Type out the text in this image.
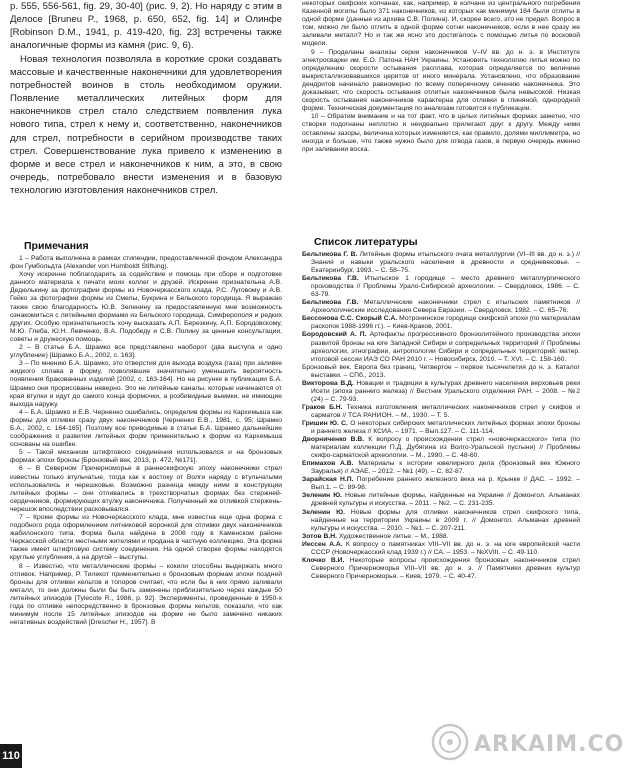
р. 555, 556-561, fig. 29, 30-40] (рис. 9, 2). Но наряду с этим в Делосе [Bruneu P., 1968, р. 650, 652, fig. 14] и Олинфе [Robinson D.M., 1941, р. 419-420, fig. 23] встречены также аналогичные формы из камня (рис. 9, 6).

Новая технология позволяла в короткие сроки создавать массовые и качественные наконечники для удовлетворения потребностей воинов в столь необходимом оружии. Появление металлических литейных форм для наконечников стрел стало следствием появления лука нового типа, стрел к нему и, соответственно, наконечников для стрел, потребности в серийном производстве таких стрел. Совершенствование лука привело к изменению в форме и весе стрел и наконечников к ним, а это, в свою очередь, потребовало внести изменения и в базовую технологию изготовления наконечников стрел.

Примечания

1 – Работа выполнена в рамках стипендии, предоставленной фондом Александра фон Гумбольдта (Alexander von Humboldt Stiftung).

Хочу искренне поблагодарить за содействие и помощь при сборе и подготовке данного материала к печати моих коллег и друзей. Искренне признательна А.В. Дедюлькину за фотографии формы из Новочеркасского клада, Р.С. Луговому и А.В. Гейко за фотографии формы из Смелы, Букрина и Бельского городища. Я выражаю также свою благодарность Ю.В. Зеленину за предоставленную мне возможность ознакомиться с литейными формами из Бельского городища, Симферополя и редких других. Особую признательность хочу высказать А.П. Березкину, А.П. Бородовскому, М.Ю. Глеба, Ю.Н. Левченко, В.А. Подобеду и С.В. Полину за ценные консультации, советы и дружескую помощь.

2 – В статье Б.А. Шрамко все представлено наоборот (два выступа и одно углубление) [Шрамко Б.А., 2002, с. 163].

3 – По мнению Б.А. Шрамко, это отверстия для выхода воздуха (газа) при заливке жидкого сплава в форму, позволявшие значительно уменьшить вероятность появления бракованных изделий [2002, с. 163-164]. Но на рисунке в публикации Б.А. Шрамко они прорисованы неверно. Это не литейные каналы, которые начинаются от края втулки и идут до самого конца формочки, а розбивидные выемки, не имеющие выхода наружу.

4 – Б.А. Шрамко и Е.В. Черненко ошибались, определив формы из Кархемыша как формы для отливки сразу двух наконечников [Черненко Е.В., 1981, с. 95; Шрамко Б.А., 2002, с. 164-165]. Поэтому все приводимые в статье Б.А. Шрамко дальнейшие соображения о развитии литейных форм применительно к форме из Кархемыша основаны на ошибке.

5 – Такой механизм штифтового соединения использовался и на бронзовых формах эпохи бронзы [Бронзовый век, 2013, р. 472, №171].

6 – В Северном Причерноморье в раннескифскую эпоху наконечники стрел известны только втульчатые, тогда как к востоку от Волги наряду с втульчатыми использовались и черешковые. Возможно разница между ними в конструкции литейных формы – они отливались в трехстворчатых формах без стержней-сердечников, формирующих втулку наконечника. Полученный же отливкой стержень-черешок впоследствии расковывался.

7 – Кроме формы из Новочеркасского клада, мне известна еще одна форма с подобного рода оформлением литниковой воронкой для отливки двух наконечников жабилонского типа. Форма была найдена в 2008 году в Каменском районе Черкасской области местными жителями и продана в частную коллекцию. Эта форма также имеет штифтовую систему соединения. На одной створке формы находятся круглые углубления, а на другой – выступы.

8 – Известно, что металлические формы – кокили способны выдержать много отливок. Например, Р. Тилекот применительно к бронзовым формам эпохи поздней бронзы для отливки кельтов и топоров считает, что если бы в них прямо заливали металл, то они должны были бы быть заменены приблизительно через каждые 50 литейных эпизодов [Tylecote R., 1986, р. 92]. Эксперименты, проведенные в 1950-х года по отливке непосредственно в бронзовые формы кельтов, показали, что как минимум после 15 литейных эпизодов на форме не было замечено никаких негативных воздействий [Drescher H., 1957]. В

некоторых скифских колчанах, как, например, в колчане из центрального погребения Казенной могилы было 371 наконечников, из которых как минимум 184 были отлиты в одной форме (данные из архива С.В. Полина). И, скорее всего, это не предел. Вопрос в том, можно ли было отлить в одной форме сотни наконечников, если в нее сразу же заливали металл? Но и так же ясно это достигалось с помощью литья по восковой модели.

9 – Проделаны анализы серии наконечников V–IV вв. до н. э. в Институте электросварки им. Е.О. Патона НАН Украины. Установить технологию литья можно по определению скорости остывания расплава, которая определяется по величине выкристаллизовавшихся церитов от иного минерала. Установлено, что образование дендритов начинало равномерно по всему поперечному сечению наконечника. Это доказывает, что скорость остывания отлитых наконечников была невысокой. Низкая скорость остывания наконечников характерна для отливки в глиняной, однородной форме. Техническая документация по анализам готовится к публикации.

10 – Обратим внимание и на тот факт, что в целых литейных формах заметно, что створки подогнаны неплотно и неидеально прилегают друг к другу. Между ними оставлены зазоры, величина которых изменяется, как правило, долями миллиметра, но иногда и больше, что также нужно было для отвода газов, в первую очередь именно при заливании воска.

Список литературы

Бельтикова Г. В. Литейные формы итыльского очага металлургии (VI–III вв. до н. э.) // Знания и навыки уральского населения в древности и средневековье. – Екатеринбург, 1993. – С. 58–75.

Бельтикова Г.В. Итыльское 1 городище – место древнего металлургического производства // Проблемы Урало-Сибирской археологии. – Свердловск, 1986. – С. 63-79.

Бельтикова Г.В. Металлические наконечники стрел с итыльских памятников // Археологические исследования Севера Евразии. – Свердловск, 1982. – С. 65–76.

Бессонова С.С. Скорый С.А. Мотронинское городище скифской эпохи (по материалам раскопок 1988-1996 гг.). – Киев-Краков, 2001.

Бородовский А. П. Артефакты прогрессивного бронзолитейного производства эпохи развитой бронзы на юге Западной Сибири и сопредельных территорий // Проблемы археологии, этнографии, антропологии Сибири и сопредельных территорий: матер. итоговой сессии ИАЭ СО РАН 2010 г. – Новосибирск, 2010. – Т. XVI. – С. 158-160.

Бронзовый век. Европа без границ. Четвертое – первое тысячелетия до н. э. Каталог выставки. – СПб., 2013.

Викторова В.Д. Новации и традиции в культурах древнего населения верховьев реки Исети (эпоха раннего железа) // Вестник Уральского отделения РАН. – 2008. – №2 (24) – С. 79-93.

Граков Б.Н. Техника изготовления металлических наконечников стрел у скифов и сарматов // ТСА РАНИОН. – М., 1930. – Т. 5.

Гришин Ю. С. О некоторых сибирских металлических литейных формах эпохи бронзы и раннего железа // КСИА. – 1971. – Вып.127. – С. 111-114.

Дворниченко В.В. К вопросу о происхождении стрел «новочеркасского» типа (по материалам коллекции П.Д. Дубягина из Волго-Уральской пустыни) // Проблемы скифо-сарматской археологии. – М., 1990. – С. 48-60.

Епимахов А.В. Материалы к истории ювелирного дела (бронзовый век Южного Зауралья) // АЭАЕ. – 2012. – №1 (49). – С. 82-87.

Зарайская Н.П. Погребение раннего железного века на р. Крынке // ДАС. – 1992. – Вып.1. – С. 89-98.

Зеленин Ю. Новые литейные формы, найденные на Украине // Домонгол. Альманах древней культуры и искусства. – 2011. – №2. – С. 231-235.

Зеленин Ю. Новые формы для отливки наконечников стрел скифского типа, найденные на территории Украины в 2009 г. // Домонгол. Альманах древней культуры и искусства. – 2010. – №1. – С. 207-211.

Зотов В.Н. Художественное литье. – М., 1988.

Иессен А.А. К вопросу о памятниках VIII–VII вв. до н. э. на юге европейской части СССР (Новочеркасский клад 1939 г.) // СА. – 1953. – №XVIII. – С. 49-110.

Клочко В.И. Некоторые вопросы происхождения бронзовых наконечников стрел Северного Причерноморья VIII–VII вв. до н. э. // Памятники древних культур Северного Причерноморья. – Киев, 1979. – С. 40-47.

110	ARKAIM.CO
